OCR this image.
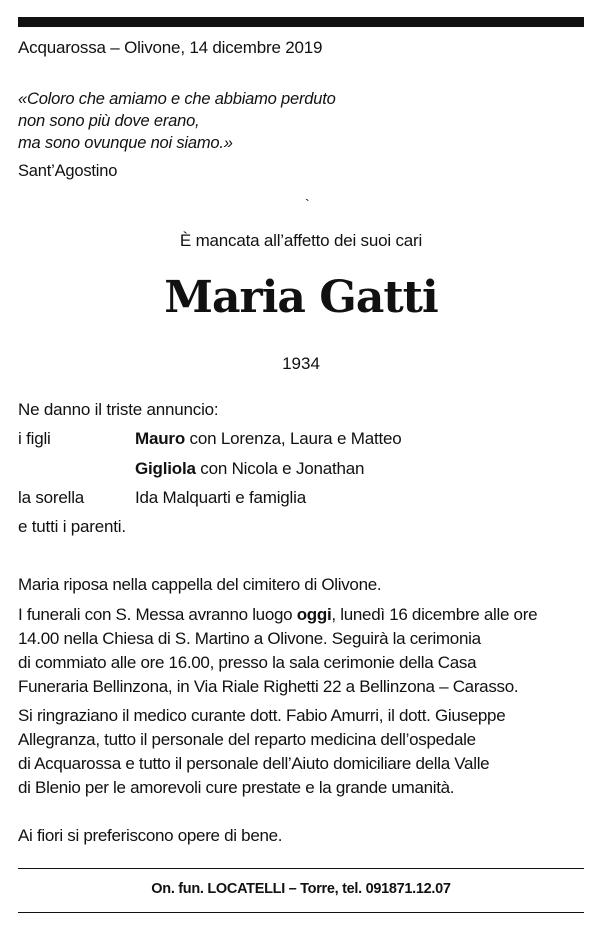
Acquarossa – Olivone, 14 dicembre 2019
«Coloro che amiamo e che abbiamo perduto
non sono più dove erano,
ma sono ovunque noi siamo.»
Sant’Agostino
`
È mancata all’affetto dei suoi cari
Maria Gatti
1934
Ne danno il triste annuncio:
i figli	Mauro con Lorenza, Laura e Matteo
Gigliola con Nicola e Jonathan
la sorella	Ida Malquarti e famiglia
e tutti i parenti.
Maria riposa nella cappella del cimitero di Olivone.
I funerali con S. Messa avranno luogo oggi, lunedì 16 dicembre alle ore
14.00 nella Chiesa di S. Martino a Olivone. Seguirà la cerimonia
di commiato alle ore 16.00, presso la sala cerimonie della Casa
Funeraria Bellinzona, in Via Riale Righetti 22 a Bellinzona – Carasso.
Si ringraziano il medico curante dott. Fabio Amurri, il dott. Giuseppe
Allegranza, tutto il personale del reparto medicina dell’ospedale
di Acquarossa e tutto il personale dell’Aiuto domiciliare della Valle
di Blenio per le amorevoli cure prestate e la grande umanità.
Ai fiori si preferiscono opere di bene.
On. fun. LOCATELLI – Torre, tel. 091871.12.07
